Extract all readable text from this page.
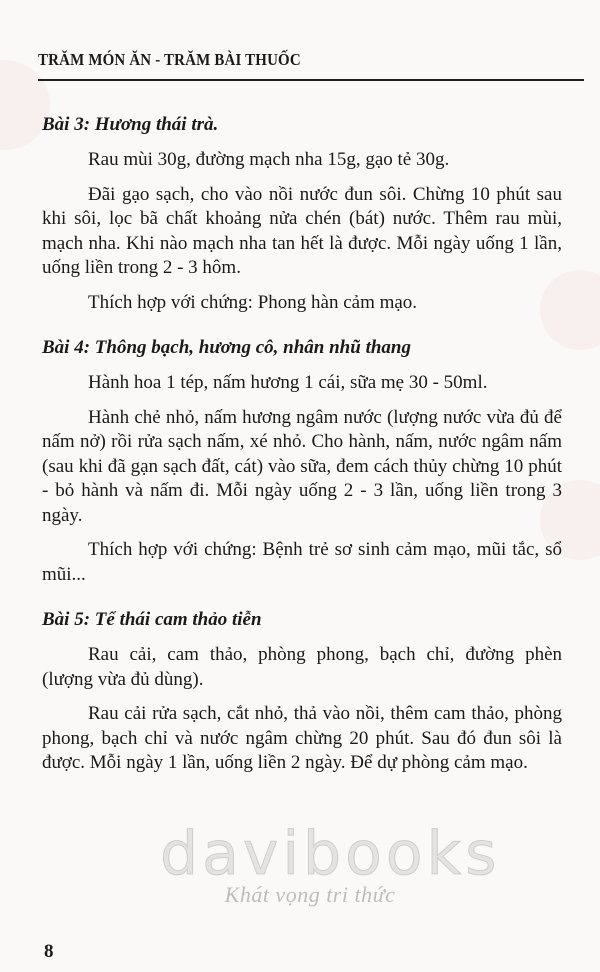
TRĂM MÓN ĂN - TRĂM BÀI THUỐC
Bài 3: Hương thái trà.

Rau mùi 30g, đường mạch nha 15g, gạo tẻ 30g.

Đãi gạo sạch, cho vào nồi nước đun sôi. Chừng 10 phút sau khi sôi, lọc bã chất khoảng nửa chén (bát) nước. Thêm rau mùi, mạch nha. Khi nào mạch nha tan hết là được. Mỗi ngày uống 1 lần, uống liền trong 2 - 3 hôm.

Thích hợp với chứng: Phong hàn cảm mạo.

Bài 4: Thông bạch, hương cô, nhân nhũ thang

Hành hoa 1 tép, nấm hương 1 cái, sữa mẹ 30 - 50ml.

Hành chẻ nhỏ, nấm hương ngâm nước (lượng nước vừa đủ để nấm nở) rồi rửa sạch nấm, xé nhỏ. Cho hành, nấm, nước ngâm nấm (sau khi đã gạn sạch đất, cát) vào sữa, đem cách thủy chừng 10 phút - bỏ hành và nấm đi. Mỗi ngày uống 2 - 3 lần, uống liền trong 3 ngày.

Thích hợp với chứng: Bệnh trẻ sơ sinh cảm mạo, mũi tắc, sổ mũi...

Bài 5: Tể thái cam thảo tiễn

Rau cải, cam thảo, phòng phong, bạch chỉ, đường phèn (lượng vừa đủ dùng).

Rau cải rửa sạch, cắt nhỏ, thả vào nồi, thêm cam thảo, phòng phong, bạch chỉ và nước ngâm chừng 20 phút. Sau đó đun sôi là được. Mỗi ngày 1 lần, uống liền 2 ngày. Để dự phòng cảm mạo.

davibooks
Khát vọng tri thức
8
